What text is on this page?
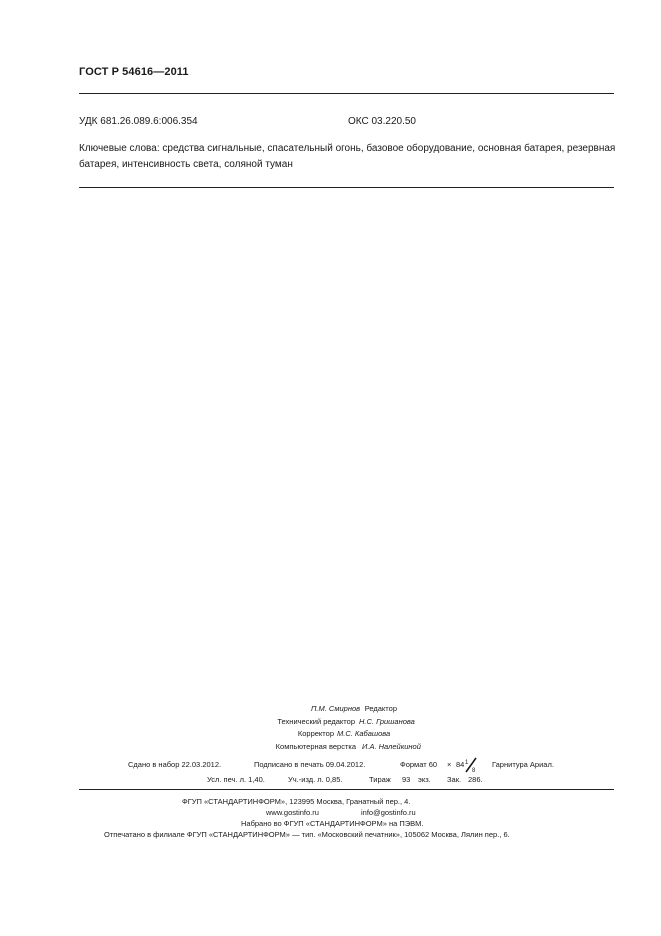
ГОСТ Р 54616—2011
УДК 681.26.089.6:006.354	ОКС 03.220.50
Ключевые слова: средства сигнальные, спасательный огонь, базовое оборудование, основная батарея, резервная батарея, интенсивность света, соляной туман
Редактор
П.М. Смирнов
Технический редактор Н.С. Гришанова
Корректор М.С. Кабашова
Компьютерная верстка И.А. Налейкиной
Сдано в набор 22.03.2012.	Подписано в печать 09.04.2012.	Формат 60 × 84 1
8
Гарнитура Ариал.
Усл. печ. л. 1,40.	Уч.-изд. л. 0,85.	Тираж 93 экз. Зак. 286.
ФГУП «СТАНДАРТИНФОРМ», 123995 Москва, Гранатный пер., 4.
www.gostinfo.ru	info@gostinfo.ru
Набрано во ФГУП «СТАНДАРТИНФОРМ» на ПЭВМ.
Отпечатано в филиале ФГУП «СТАНДАРТИНФОРМ» — тип. «Московский печатник», 105062 Москва, Лялин пер., 6.
